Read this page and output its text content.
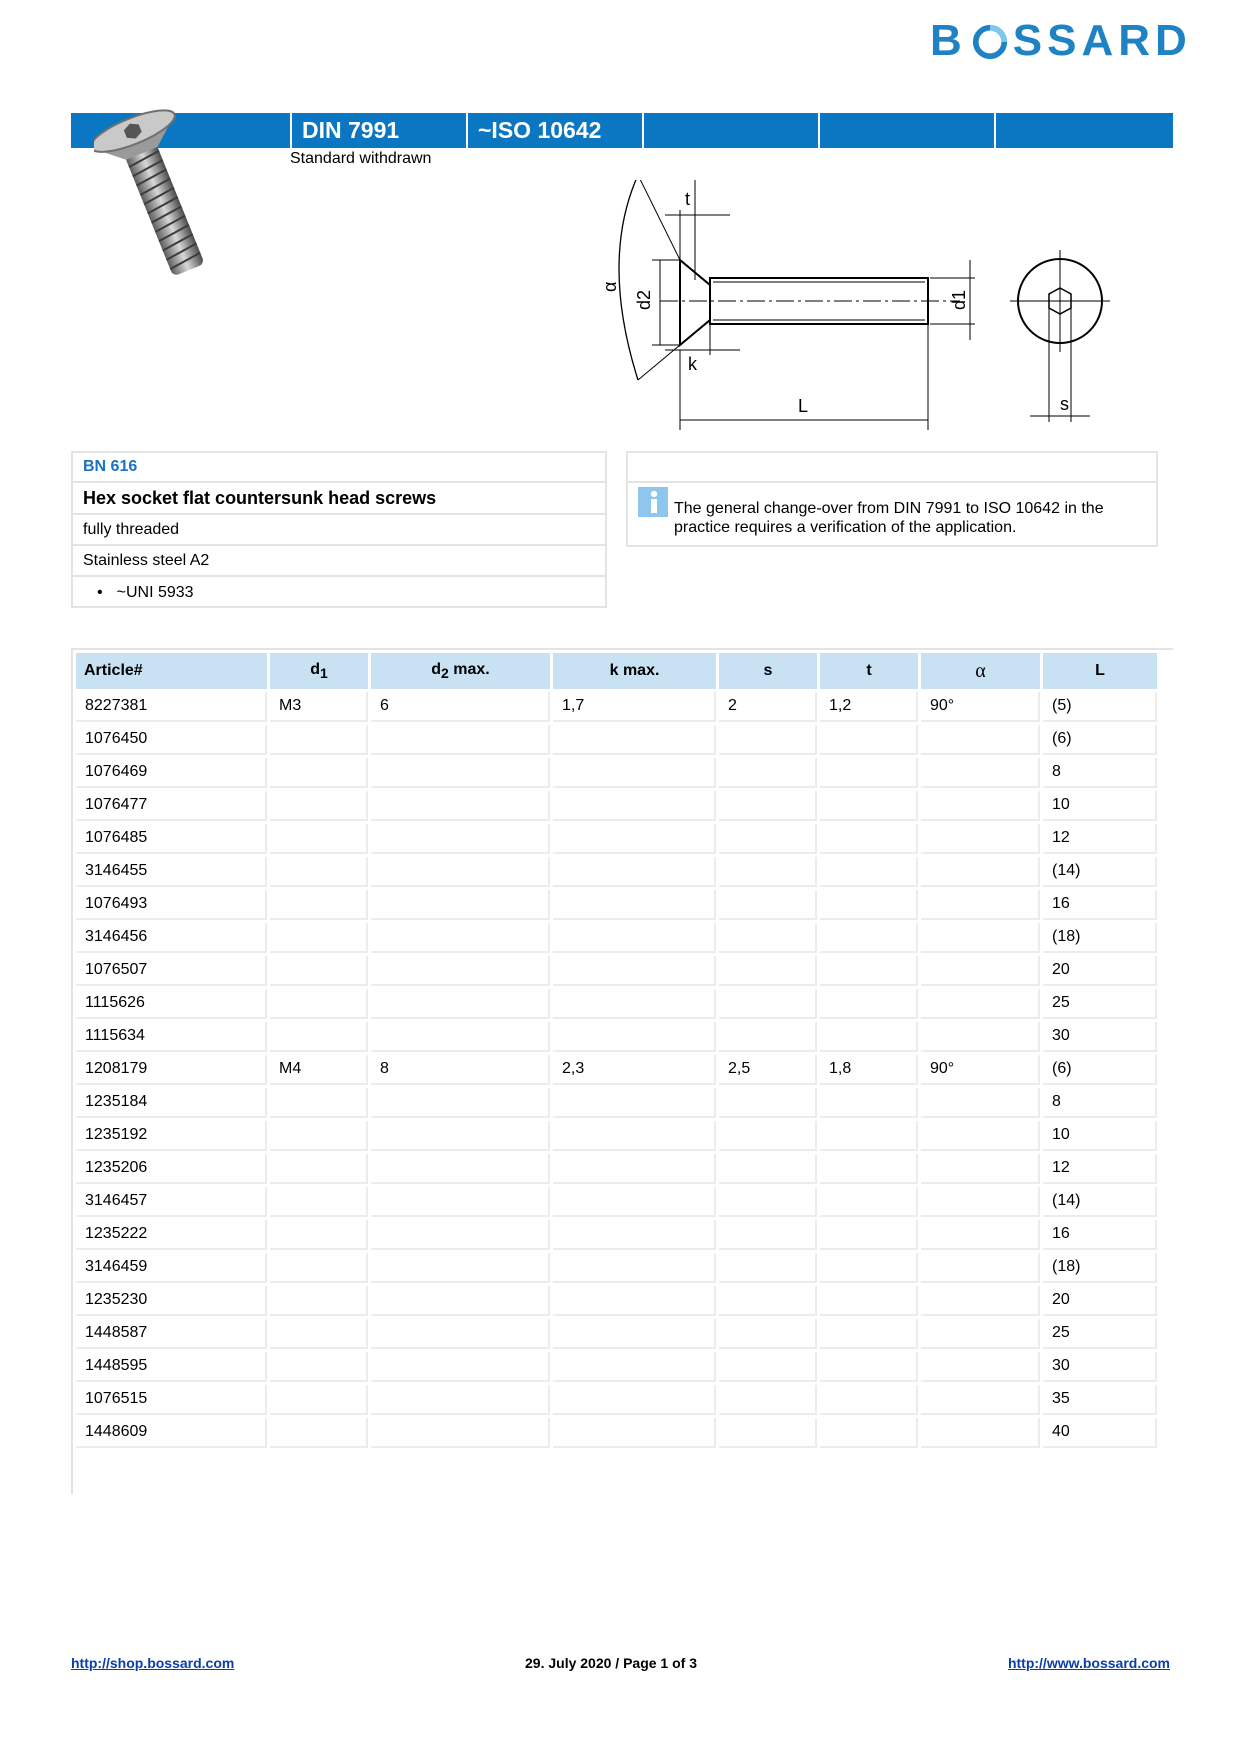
B SSARD
DIN 7991	~ISO 10642
Standard withdrawn
α
d2
t
k
L
d1
s
BN 616
Hex socket flat countersunk head screws
fully threaded
Stainless steel A2
• ~UNI 5933
The general change-over from DIN 7991 to ISO 10642 in the practice requires a verification of the application.
Article#	$d_1$	$d_2$ max.	k max.	s	t	α	L
8227381	M3	6	1,7	2	1,2	90°	(5)
1076450							(6)
1076469							8
1076477							10
1076485							12
3146455							(14)
1076493							16
3146456							(18)
1076507							20
1115626							25
1115634							30
1208179	M4	8	2,3	2,5	1,8	90°	(6)
1235184							8
1235192							10
1235206							12
3146457							(14)
1235222							16
3146459							(18)
1235230							20
1448587							25
1448595							30
1076515							35
1448609							40
http://shop.bossard.com	29. July 2020 / Page 1 of 3	http://www.bossard.com
